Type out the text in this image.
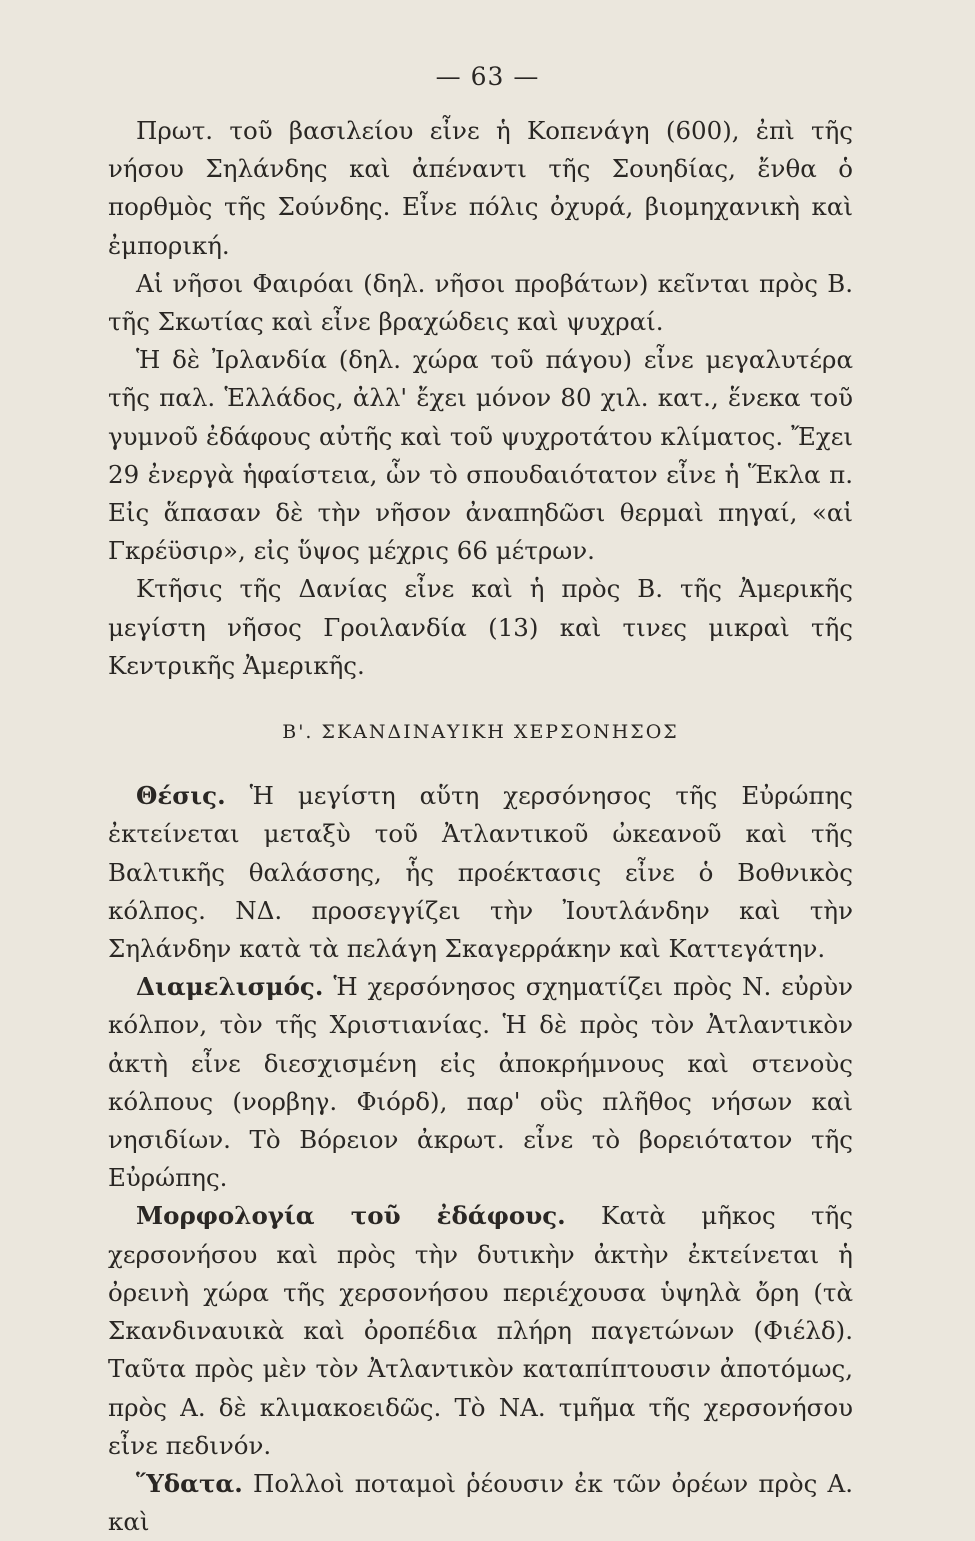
— 63 —

Πρωτ. τοῦ βασιλείου εἶνε ἡ Κοπενάγη (600), ἐπὶ τῆς νήσου Σηλάνδης καὶ ἀπέναντι τῆς Σουηδίας, ἔνθα ὁ πορθμὸς τῆς Σούνδης. Εἶνε πόλις ὀχυρά, βιομηχανικὴ καὶ ἐμπορική.

Αἱ νῆσοι Φαιρόαι (δηλ. νῆσοι προβάτων) κεῖνται πρὸς Β. τῆς Σκωτίας καὶ εἶνε βραχώδεις καὶ ψυχραί.

Ἡ δὲ Ἰρλανδία (δηλ. χώρα τοῦ πάγου) εἶνε μεγαλυτέρα τῆς παλ. Ἑλλάδος, ἀλλ' ἔχει μόνον 80 χιλ. κατ., ἕνεκα τοῦ γυμνοῦ ἐδάφους αὐτῆς καὶ τοῦ ψυχροτάτου κλίματος. Ἔχει 29 ἐνεργὰ ἡφαίστεια, ὧν τὸ σπουδαιότατον εἶνε ἡ Ἕκλα π. Εἰς ἅπασαν δὲ τὴν νῆσον ἀναπηδῶσι θερμαὶ πηγαί, «αἱ Γκρέϋσιρ», εἰς ὕψος μέχρις 66 μέτρων.

Κτῆσις τῆς Δανίας εἶνε καὶ ἡ πρὸς Β. τῆς Ἀμερικῆς μεγίστη νῆσος Γροιλανδία (13) καὶ τινες μικραὶ τῆς Κεντρικῆς Ἀμερικῆς.

Β'. ΣΚΑΝΔΙΝΑΥΙΚΗ ΧΕΡΣΟΝΗΣΟΣ

Θέσις. Ἡ μεγίστη αὕτη χερσόνησος τῆς Εὐρώπης ἐκτείνεται μεταξὺ τοῦ Ἀτλαντικοῦ ὠκεανοῦ καὶ τῆς Βαλτικῆς θαλάσσης, ἧς προέκτασις εἶνε ὁ Βοθνικὸς κόλπος. ΝΔ. προσεγγίζει τὴν Ἰουτλάνδην καὶ τὴν Σηλάνδην κατὰ τὰ πελάγη Σκαγερράκην καὶ Καττεγάτην.

Διαμελισμός. Ἡ χερσόνησος σχηματίζει πρὸς Ν. εὐρὺν κόλπον, τὸν τῆς Χριστιανίας. Ἡ δὲ πρὸς τὸν Ἀτλαντικὸν ἀκτὴ εἶνε διεσχισμένη εἰς ἀποκρήμνους καὶ στενοὺς κόλπους (νορβηγ. Φιόρδ), παρ' οὓς πλῆθος νήσων καὶ νησιδίων. Τὸ Βόρειον ἀκρωτ. εἶνε τὸ βορειότατον τῆς Εὐρώπης.

Μορφολογία τοῦ ἐδάφους. Κατὰ μῆκος τῆς χερσονήσου καὶ πρὸς τὴν δυτικὴν ἀκτὴν ἐκτείνεται ἡ ὀρεινὴ χώρα τῆς χερσονήσου περιέχουσα ὑψηλὰ ὄρη (τὰ Σκανδιναυικὰ καὶ ὀροπέδια πλήρη παγετώνων (Φιέλδ). Ταῦτα πρὸς μὲν τὸν Ἀτλαντικὸν καταπίπτουσιν ἀποτόμως, πρὸς Α. δὲ κλιμακοειδῶς. Τὸ ΝΑ. τμῆμα τῆς χερσονήσου εἶνε πεδινόν.

Ὕδατα. Πολλοὶ ποταμοὶ ῥέουσιν ἐκ τῶν ὀρέων πρὸς Α. καὶ
